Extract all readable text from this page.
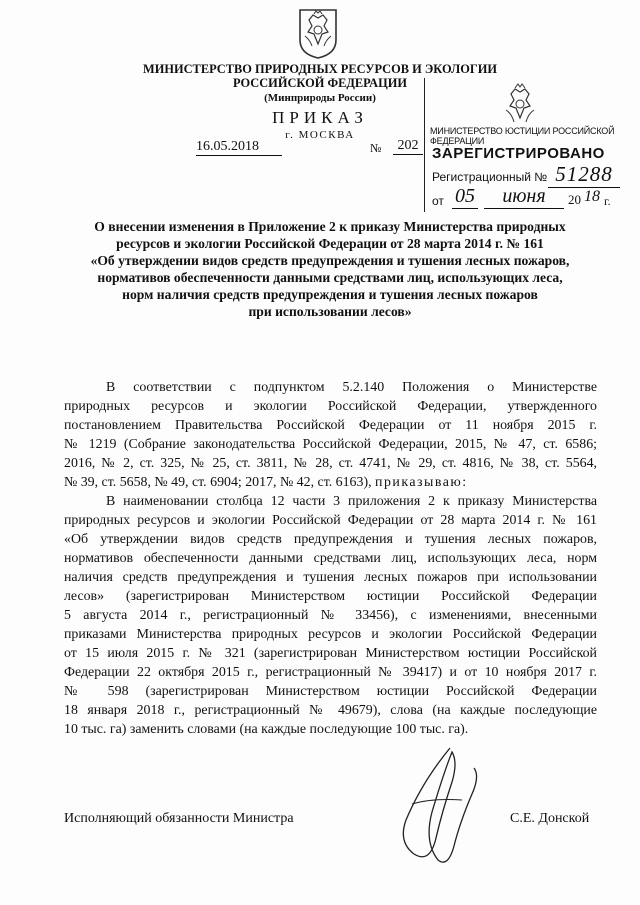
МИНИСТЕРСТВО ПРИРОДНЫХ РЕСУРСОВ И ЭКОЛОГИИ
РОССИЙСКОЙ ФЕДЕРАЦИИ
(Минприроды России)
ПРИКАЗ
г. МОСКВА
16.05.2018	№	202
МИНИСТЕРСТВО ЮСТИЦИИ РОССИЙСКОЙ ФЕДЕРАЦИИ
ЗАРЕГИСТРИРОВАНО
Регистрационный № 51288
от 05	июня	20 18 г.
О внесении изменения в Приложение 2 к приказу Министерства природных
ресурсов и экологии Российской Федерации от 28 марта 2014 г. № 161
«Об утверждении видов средств предупреждения и тушения лесных пожаров,
нормативов обеспеченности данными средствами лиц, использующих леса,
норм наличия средств предупреждения и тушения лесных пожаров
при использовании лесов»
В соответствии с подпунктом 5.2.140 Положения о Министерстве
природных ресурсов и экологии Российской Федерации, утвержденного
постановлением Правительства Российской Федерации от 11 ноября 2015 г.
№ 1219 (Собрание законодательства Российской Федерации, 2015, № 47, ст. 6586;
2016, № 2, ст. 325, № 25, ст. 3811, № 28, ст. 4741, № 29, ст. 4816, № 38, ст. 5564,
№ 39, ст. 5658, № 49, ст. 6904; 2017, № 42, ст. 6163), приказываю:
В наименовании столбца 12 части 3 приложения 2 к приказу Министерства
природных ресурсов и экологии Российской Федерации от 28 марта 2014 г. № 161
«Об утверждении видов средств предупреждения и тушения лесных пожаров,
нормативов обеспеченности данными средствами лиц, использующих леса, норм
наличия средств предупреждения и тушения лесных пожаров при использовании
лесов» (зарегистрирован Министерством юстиции Российской Федерации
5 августа 2014 г., регистрационный № 33456), с изменениями, внесенными
приказами Министерства природных ресурсов и экологии Российской Федерации
от 15 июля 2015 г. № 321 (зарегистрирован Министерством юстиции Российской
Федерации 22 октября 2015 г., регистрационный № 39417) и от 10 ноября 2017 г.
№ 598 (зарегистрирован Министерством юстиции Российской Федерации
18 января 2018 г., регистрационный № 49679), слова (на каждые последующие
10 тыс. га) заменить словами (на каждые последующие 100 тыс. га).
Исполняющий обязанности Министра	С.Е. Донской
